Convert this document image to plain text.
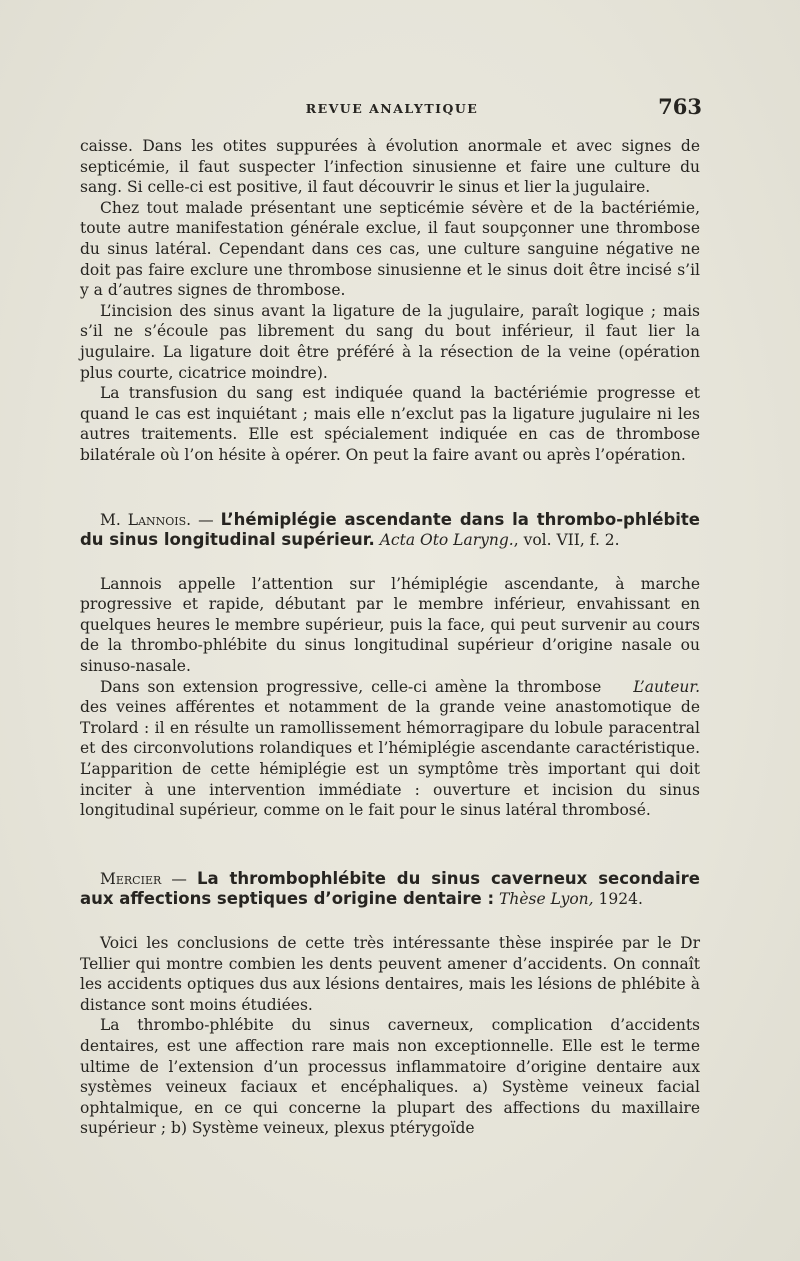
REVUE ANALYTIQUE	763

caisse. Dans les otites suppurées à évolution anormale et avec signes de septicémie, il faut suspecter l’infection sinusienne et faire une culture du sang. Si celle-ci est positive, il faut découvrir le sinus et lier la jugulaire.

Chez tout malade présentant une septicémie sévère et de la bactériémie, toute autre manifestation générale exclue, il faut soupçonner une thrombose du sinus latéral. Cependant dans ces cas, une culture sanguine négative ne doit pas faire exclure une thrombose sinusienne et le sinus doit être incisé s’il y a d’autres signes de thrombose.

L’incision des sinus avant la ligature de la jugulaire, paraît logique ; mais s’il ne s’écoule pas librement du sang du bout inférieur, il faut lier la jugulaire. La ligature doit être préféré à la résection de la veine (opération plus courte, cicatrice moindre).

La transfusion du sang est indiquée quand la bactériémie progresse et quand le cas est inquiétant ; mais elle n’exclut pas la ligature jugulaire ni les autres traitements. Elle est spécialement indiquée en cas de thrombose bilatérale où l’on hésite à opérer. On peut la faire avant ou après l’opération.

M. Lannois. — L’hémiplégie ascendante dans la thrombo-phlébite du sinus longitudinal supérieur. Acta Oto Laryng., vol. VII, f. 2.

Lannois appelle l’attention sur l’hémiplégie ascendante, à marche progressive et rapide, débutant par le membre inférieur, envahissant en quelques heures le membre supérieur, puis la face, qui peut survenir au cours de la thrombo-phlébite du sinus longitudinal supérieur d’origine nasale ou sinuso-nasale.

L’auteur.
Dans son extension progressive, celle-ci amène la thrombose des veines afférentes et notamment de la grande veine anastomotique de Trolard : il en résulte un ramollissement hémorragipare du lobule paracentral et des circonvolutions rolandiques et l’hémiplégie ascendante caractéristique. L’apparition de cette hémiplégie est un symptôme très important qui doit inciter à une intervention immédiate : ouverture et incision du sinus longitudinal supérieur, comme on le fait pour le sinus latéral thrombosé.

Mercier — La thrombophlébite du sinus caverneux secondaire aux affections septiques d’origine dentaire : Thèse Lyon, 1924.

Voici les conclusions de cette très intéressante thèse inspirée par le Dr Tellier qui montre combien les dents peuvent amener d’accidents. On connaît les accidents optiques dus aux lésions dentaires, mais les lésions de phlébite à distance sont moins étudiées.

La thrombo-phlébite du sinus caverneux, complication d’accidents dentaires, est une affection rare mais non exceptionnelle. Elle est le terme ultime de l’extension d’un processus inflammatoire d’origine dentaire aux systèmes veineux faciaux et encéphaliques. a) Système veineux facial ophtalmique, en ce qui concerne la plupart des affections du maxillaire supérieur ; b) Système veineux, plexus ptérygoïde
